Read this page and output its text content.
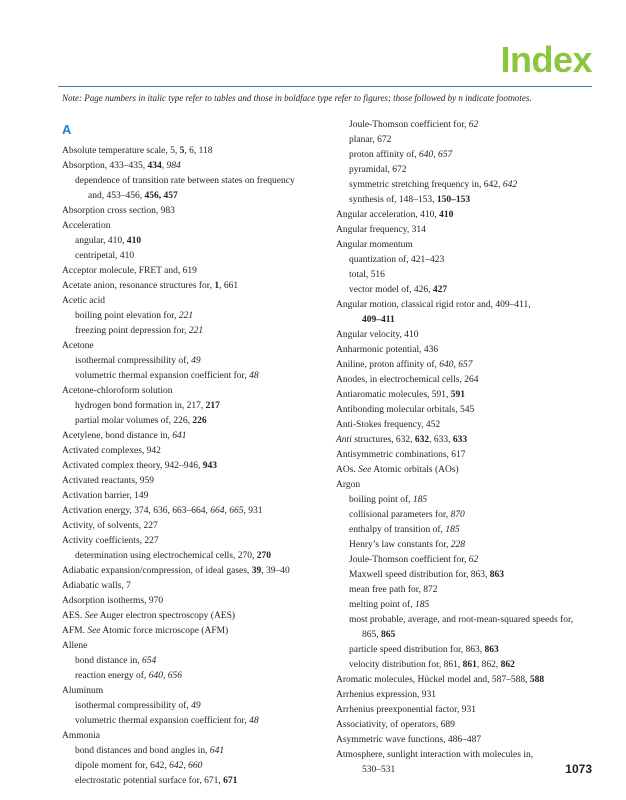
Index
Note: Page numbers in italic type refer to tables and those in boldface type refer to figures; those followed by n indicate footnotes.
A
Absolute temperature scale, 5, 5, 6, 118
Absorption, 433–435, 434, 984
dependence of transition rate between states on frequency
and, 453–456, 456, 457
Absorption cross section, 983
Acceleration
angular, 410, 410
centripetal, 410
Acceptor molecule, FRET and, 619
Acetate anion, resonance structures for, 1, 661
Acetic acid
boiling point elevation for, 221
freezing point depression for, 221
Acetone
isothermal compressibility of, 49
volumetric thermal expansion coefficient for, 48
Acetone-chloroform solution
hydrogen bond formation in, 217, 217
partial molar volumes of, 226, 226
Acetylene, bond distance in, 641
Activated complexes, 942
Activated complex theory, 942–946, 943
Activated reactants, 959
Activation barrier, 149
Activation energy, 374, 636, 663–664, 664, 665, 931
Activity, of solvents, 227
Activity coefficients, 227
determination using electrochemical cells, 270, 270
Adiabatic expansion/compression, of ideal gases, 39, 39–40
Adiabatic walls, 7
Adsorption isotherms, 970
AES. See Auger electron spectroscopy (AES)
AFM. See Atomic force microscope (AFM)
Allene
bond distance in, 654
reaction energy of, 640, 656
Aluminum
isothermal compressibility of, 49
volumetric thermal expansion coefficient for, 48
Ammonia
bond distances and bond angles in, 641
dipole moment for, 642, 642, 660
electrostatic potential surface for, 671, 671
Joule-Thomson coefficient for, 62
planar, 672
proton affinity of, 640, 657
pyramidal, 672
symmetric stretching frequency in, 642, 642
synthesis of, 148–153, 150–153
Angular acceleration, 410, 410
Angular frequency, 314
Angular momentum
quantization of, 421–423
total, 516
vector model of, 426, 427
Angular motion, classical rigid rotor and, 409–411,
409–411
Angular velocity, 410
Anharmonic potential, 436
Aniline, proton affinity of, 640, 657
Anodes, in electrochemical cells, 264
Antiaromatic molecules, 591, 591
Antibonding molecular orbitals, 545
Anti-Stokes frequency, 452
Anti structures, 632, 632, 633, 633
Antisymmetric combinations, 617
AOs. See Atomic orbitals (AOs)
Argon
boiling point of, 185
collisional parameters for, 870
enthalpy of transition of, 185
Henry’s law constants for, 228
Joule-Thomson coefficient for, 62
Maxwell speed distribution for, 863, 863
mean free path for, 872
melting point of, 185
most probable, average, and root-mean-squared speeds for,
865, 865
particle speed distribution for, 863, 863
velocity distribution for, 861, 861, 862, 862
Aromatic molecules, Hückel model and, 587–588, 588
Arrhenius expression, 931
Arrhenius preexponential factor, 931
Associativity, of operators, 689
Asymmetric wave functions, 486–487
Atmosphere, sunlight interaction with molecules in,
530–531	1073
